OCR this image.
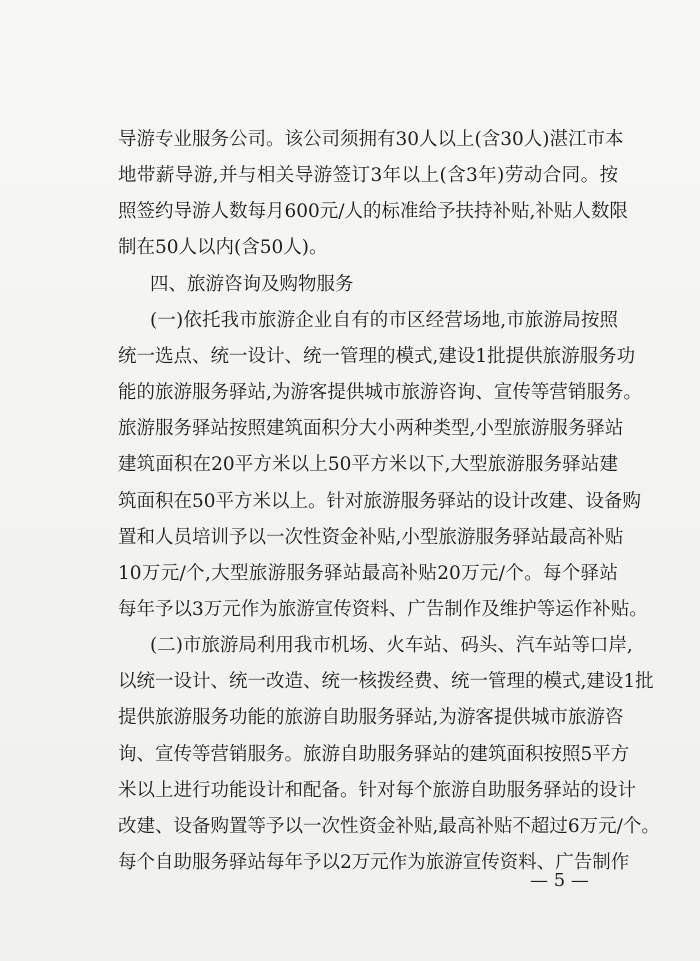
导游专业服务公司。该公司须拥有30人以上(含30人)湛江市本
地带薪导游,并与相关导游签订3年以上(含3年)劳动合同。按
照签约导游人数每月600元/人的标准给予扶持补贴,补贴人数限
制在50人以内(含50人)。
四、旅游咨询及购物服务
(一)依托我市旅游企业自有的市区经营场地,市旅游局按照
统一选点、统一设计、统一管理的模式,建设1批提供旅游服务功
能的旅游服务驿站,为游客提供城市旅游咨询、宣传等营销服务。
旅游服务驿站按照建筑面积分大小两种类型,小型旅游服务驿站
建筑面积在20平方米以上50平方米以下,大型旅游服务驿站建
筑面积在50平方米以上。针对旅游服务驿站的设计改建、设备购
置和人员培训予以一次性资金补贴,小型旅游服务驿站最高补贴
10万元/个,大型旅游服务驿站最高补贴20万元/个。每个驿站
每年予以3万元作为旅游宣传资料、广告制作及维护等运作补贴。
(二)市旅游局利用我市机场、火车站、码头、汽车站等口岸,
以统一设计、统一改造、统一核拨经费、统一管理的模式,建设1批
提供旅游服务功能的旅游自助服务驿站,为游客提供城市旅游咨
询、宣传等营销服务。旅游自助服务驿站的建筑面积按照5平方
米以上进行功能设计和配备。针对每个旅游自助服务驿站的设计
改建、设备购置等予以一次性资金补贴,最高补贴不超过6万元/个。
每个自助服务驿站每年予以2万元作为旅游宣传资料、广告制作
— 5 —
